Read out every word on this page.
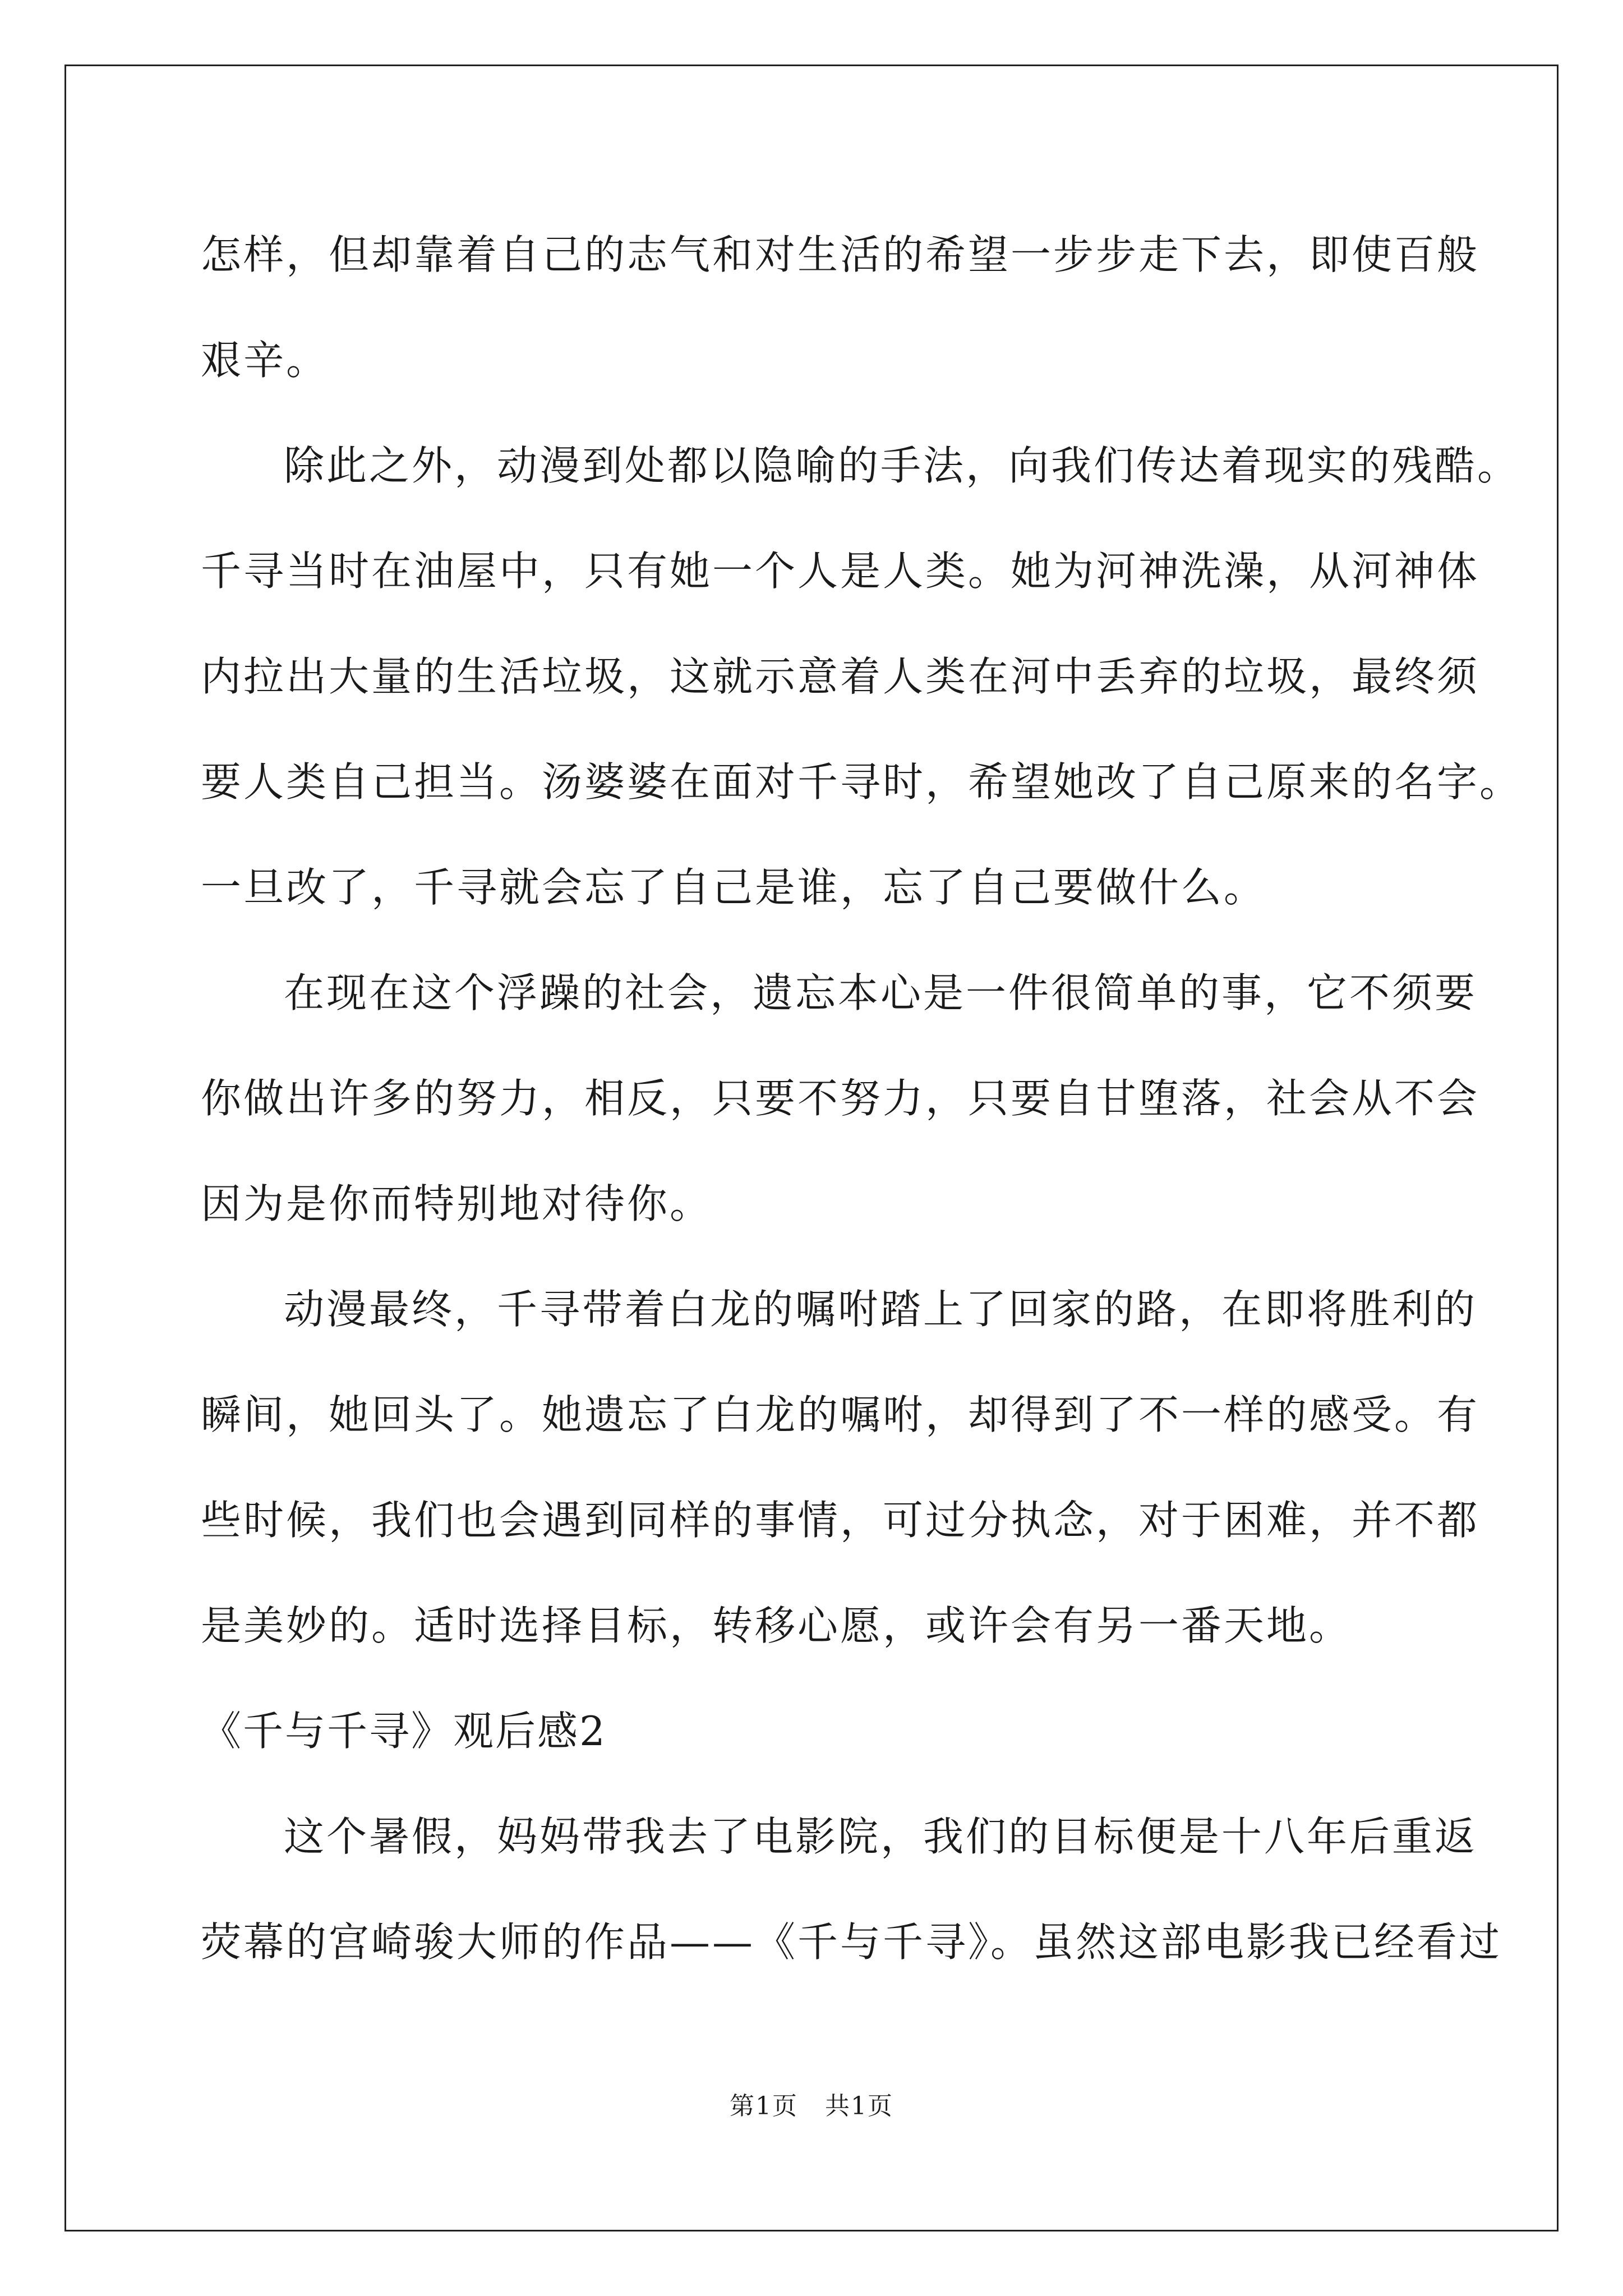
怎样，但却靠着自己的志气和对生活的希望一步步走下去，即使百般
艰辛。
除此之外，动漫到处都以隐喻的手法，向我们传达着现实的残酷。
千寻当时在油屋中，只有她一个人是人类。她为河神洗澡，从河神体
内拉出大量的生活垃圾，这就示意着人类在河中丢弃的垃圾，最终须
要人类自己担当。汤婆婆在面对千寻时，希望她改了自己原来的名字。
一旦改了，千寻就会忘了自己是谁，忘了自己要做什么。
在现在这个浮躁的社会，遗忘本心是一件很简单的事，它不须要
你做出许多的努力，相反，只要不努力，只要自甘堕落，社会从不会
因为是你而特别地对待你。
动漫最终，千寻带着白龙的嘱咐踏上了回家的路，在即将胜利的
瞬间，她回头了。她遗忘了白龙的嘱咐，却得到了不一样的感受。有
些时候，我们也会遇到同样的事情，可过分执念，对于困难，并不都
是美妙的。适时选择目标，转移心愿，或许会有另一番天地。
《千与千寻》观后感2
这个暑假，妈妈带我去了电影院，我们的目标便是十八年后重返
荧幕的宫崎骏大师的作品——《千与千寻》。虽然这部电影我已经看过
第1页   共1页
